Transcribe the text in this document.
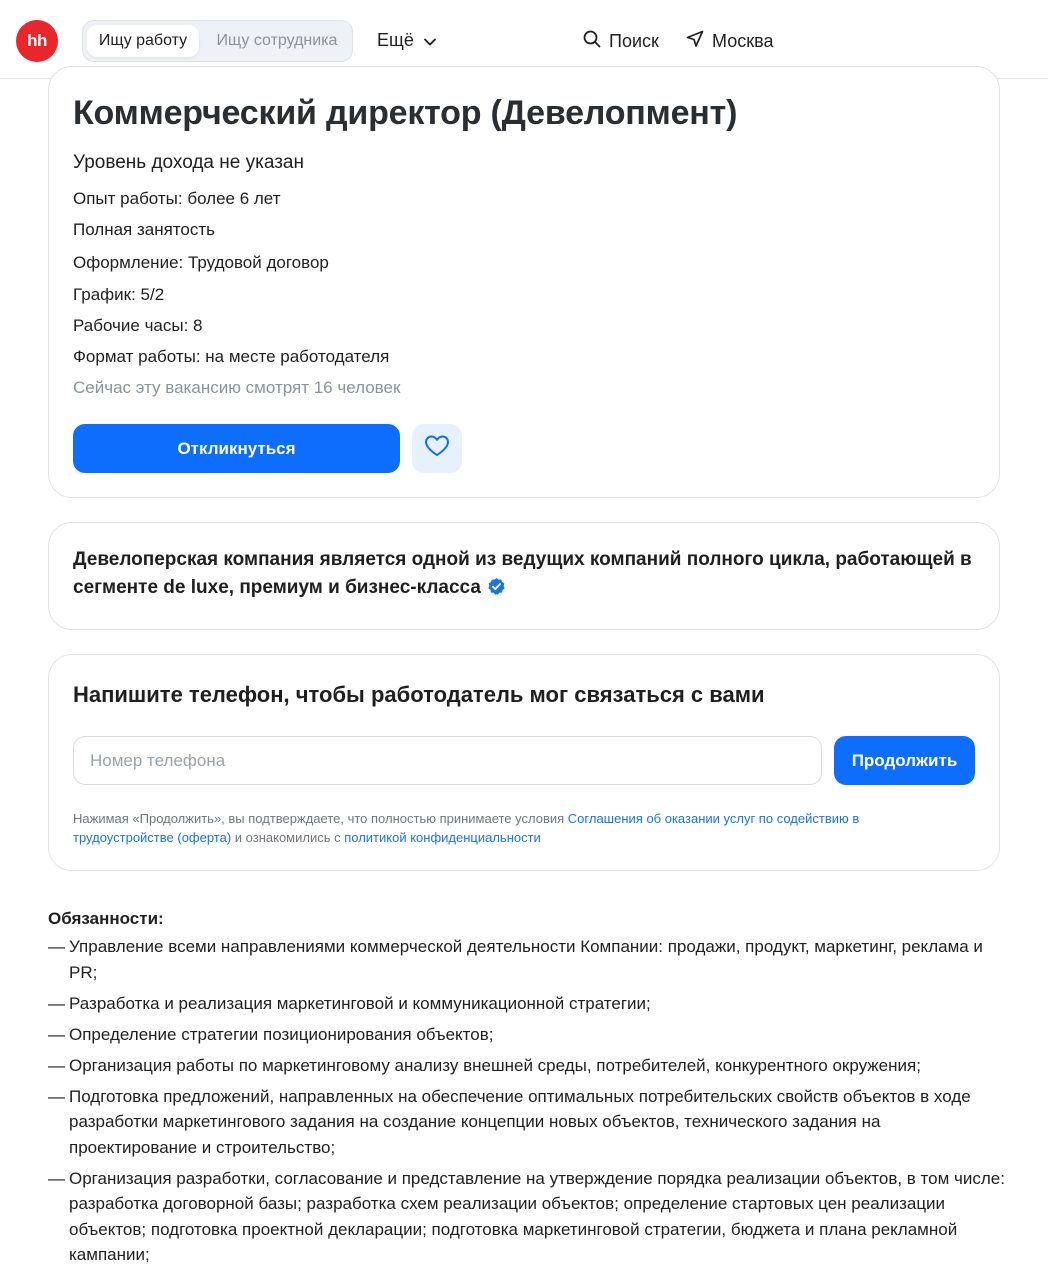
hh	Ищу работу	Ищу сотрудника	Ещё	Поиск	Москва
Коммерческий директор (Девелопмент)
Уровень дохода не указан
Опыт работы: более 6 лет
Полная занятость
Оформление: Трудовой договор
График: 5/2
Рабочие часы: 8
Формат работы: на месте работодателя
Сейчас эту вакансию смотрят 16 человек
Откликнуться
Девелоперская компания является одной из ведущих компаний полного цикла, работающей в сегменте de luxe, премиум и бизнес-класса
Напишите телефон, чтобы работодатель мог связаться с вами
Номер телефона
Продолжить
Нажимая «Продолжить», вы подтверждаете, что полностью принимаете условия Соглашения об оказании услуг по содействию в трудоустройстве (оферта) и ознакомились с политикой конфиденциальности
Обязанности:
— Управление всеми направлениями коммерческой деятельности Компании: продажи, продукт, маркетинг, реклама и PR;
— Разработка и реализация маркетинговой и коммуникационной стратегии;
— Определение стратегии позиционирования объектов;
— Организация работы по маркетинговому анализу внешней среды, потребителей, конкурентного окружения;
— Подготовка предложений, направленных на обеспечение оптимальных потребительских свойств объектов в ходе разработки маркетингового задания на создание концепции новых объектов, технического задания на проектирование и строительство;
— Организация разработки, согласование и представление на утверждение порядка реализации объектов, в том числе: разработка договорной базы; разработка схем реализации объектов; определение стартовых цен реализации объектов; подготовка проектной декларации; подготовка маркетинговой стратегии, бюджета и плана рекламной кампании;
